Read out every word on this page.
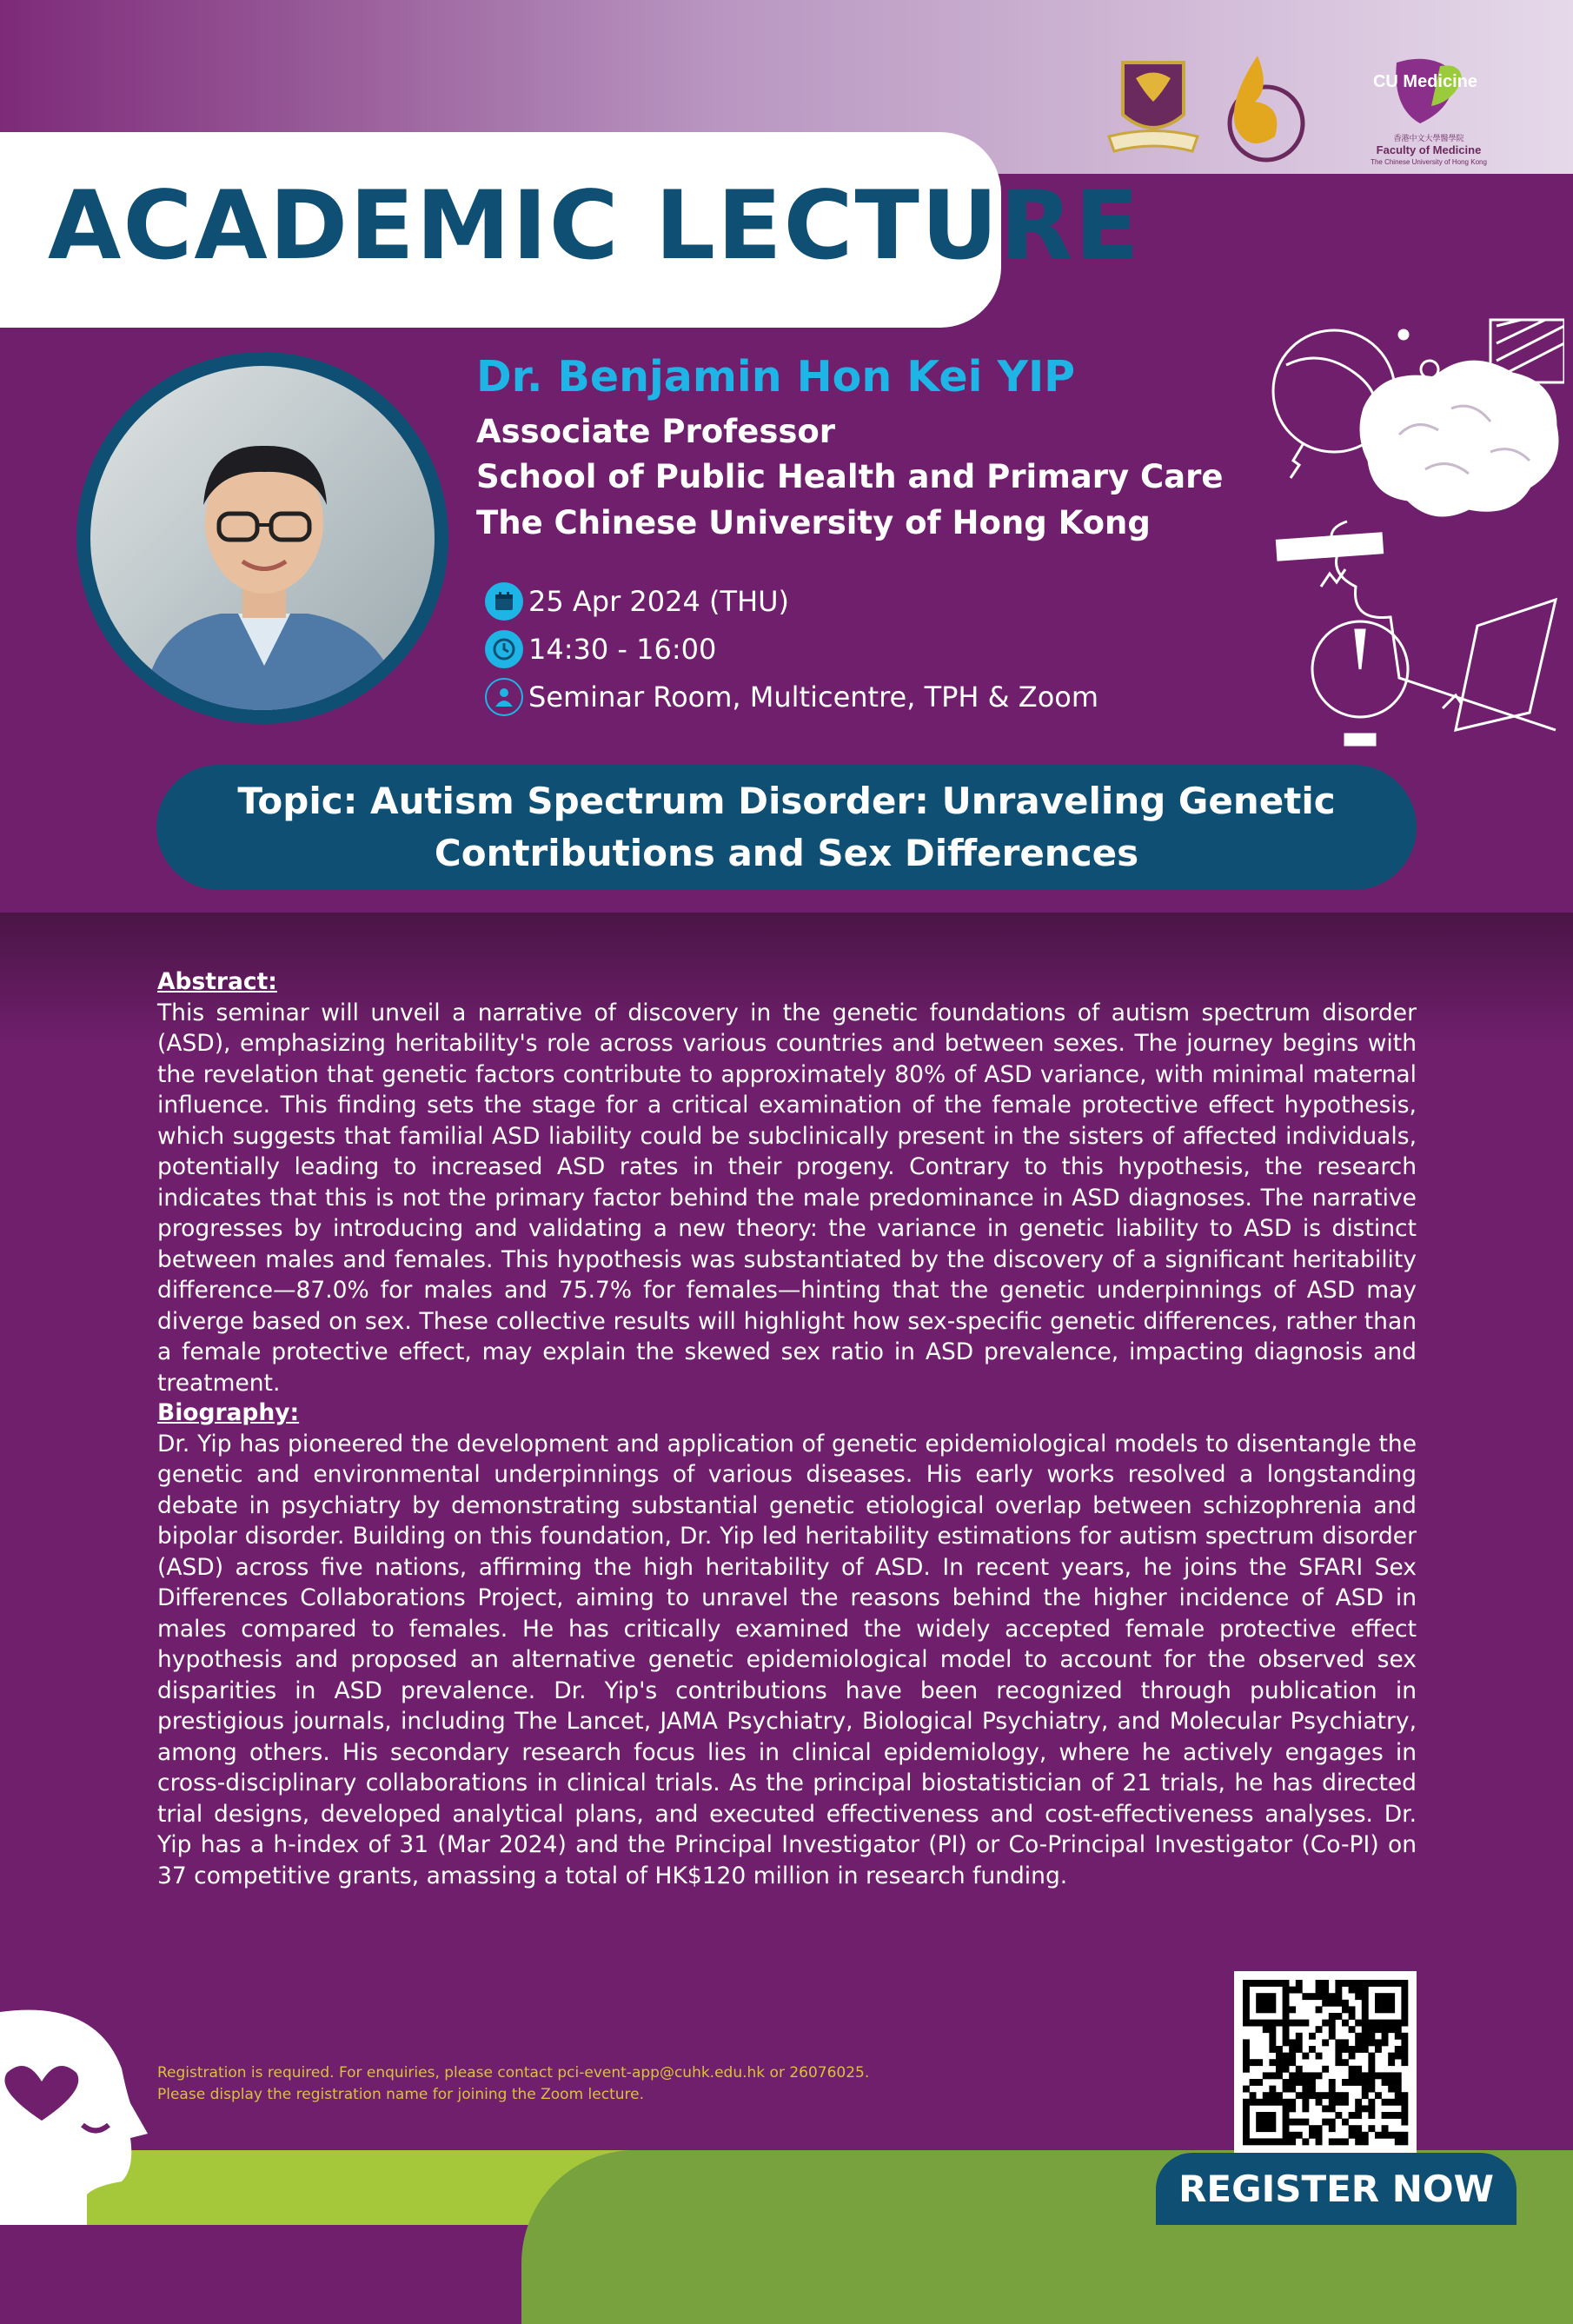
CU Medicine
香港中文大學醫學院
Faculty of Medicine
The Chinese University of Hong Kong
ACADEMIC LECTURE
Dr. Benjamin Hon Kei YIP
Associate Professor
School of Public Health and Primary Care
The Chinese University of Hong Kong
25 Apr 2024 (THU)
14:30 - 16:00
Seminar Room, Multicentre, TPH & Zoom
Topic: Autism Spectrum Disorder: Unraveling Genetic
Contributions and Sex Differences
Abstract:
This seminar will unveil a narrative of discovery in the genetic foundations of autism spectrum disorder (ASD), emphasizing heritability's role across various countries and between sexes. The journey begins with the revelation that genetic factors contribute to approximately 80% of ASD variance, with minimal maternal influence. This finding sets the stage for a critical examination of the female protective effect hypothesis, which suggests that familial ASD liability could be subclinically present in the sisters of affected individuals, potentially leading to increased ASD rates in their progeny. Contrary to this hypothesis, the research indicates that this is not the primary factor behind the male predominance in ASD diagnoses. The narrative progresses by introducing and validating a new theory: the variance in genetic liability to ASD is distinct between males and females. This hypothesis was substantiated by the discovery of a significant heritability difference—87.0% for males and 75.7% for females—hinting that the genetic underpinnings of ASD may diverge based on sex. These collective results will highlight how sex-specific genetic differences, rather than a female protective effect, may explain the skewed sex ratio in ASD prevalence, impacting diagnosis and treatment.
Biography:
Dr. Yip has pioneered the development and application of genetic epidemiological models to disentangle the genetic and environmental underpinnings of various diseases. His early works resolved a longstanding debate in psychiatry by demonstrating substantial genetic etiological overlap between schizophrenia and bipolar disorder. Building on this foundation, Dr. Yip led heritability estimations for autism spectrum disorder (ASD) across five nations, affirming the high heritability of ASD. In recent years, he joins the SFARI Sex Differences Collaborations Project, aiming to unravel the reasons behind the higher incidence of ASD in males compared to females. He has critically examined the widely accepted female protective effect hypothesis and proposed an alternative genetic epidemiological model to account for the observed sex disparities in ASD prevalence. Dr. Yip's contributions have been recognized through publication in prestigious journals, including The Lancet, JAMA Psychiatry, Biological Psychiatry, and Molecular Psychiatry, among others. His secondary research focus lies in clinical epidemiology, where he actively engages in cross-disciplinary collaborations in clinical trials. As the principal biostatistician of 21 trials, he has directed trial designs, developed analytical plans, and executed effectiveness and cost-effectiveness analyses. Dr. Yip has a h-index of 31 (Mar 2024) and the Principal Investigator (PI) or Co-Principal Investigator (Co-PI) on 37 competitive grants, amassing a total of HK$120 million in research funding.
Registration is required. For enquiries, please contact pci-event-app@cuhk.edu.hk or 26076025.
Please display the registration name for joining the Zoom lecture.
REGISTER NOW
